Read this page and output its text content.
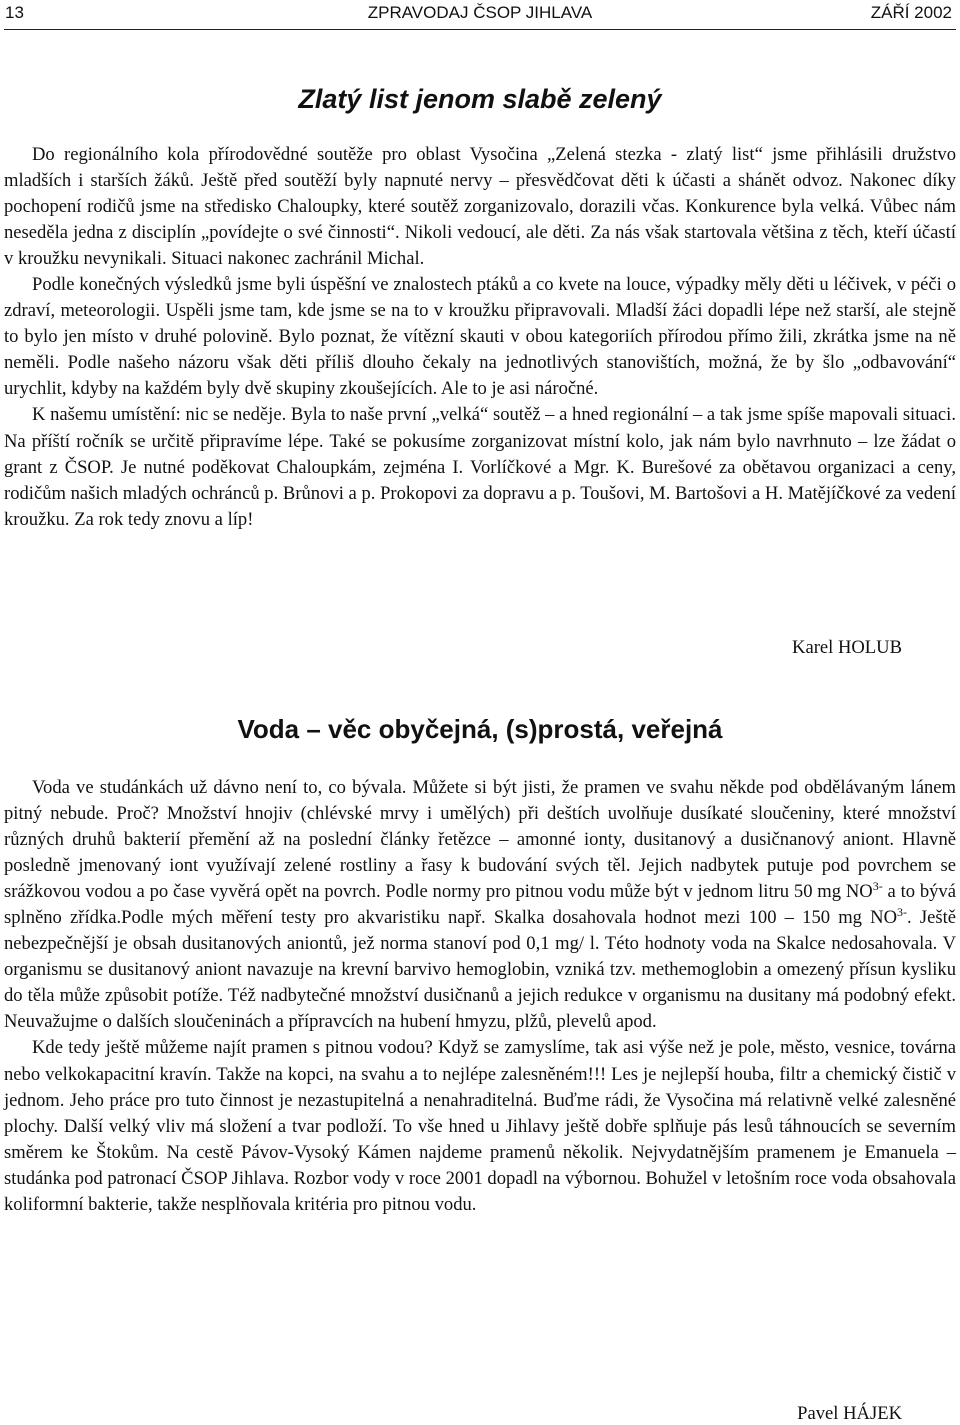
13	ZPRAVODAJ ČSOP JIHLAVA	ZÁŘÍ 2002
Zlatý list jenom slabě zelený

Do regionálního kola přírodovědné soutěže pro oblast Vysočina „Zelená stezka - zlatý list“ jsme přihlásili družstvo mladších i starších žáků. Ještě před soutěží byly napnuté nervy – přesvědčovat děti k účasti a shánět odvoz. Nakonec díky pochopení rodičů jsme na středisko Chaloupky, které soutěž zorganizovalo, dorazili včas. Konkurence byla velká. Vůbec nám neseděla jedna z disciplín „povídejte o své činnosti“. Nikoli vedoucí, ale děti. Za nás však startovala většina z těch, kteří účastí v kroužku nevynikali. Situaci nakonec zachránil Michal.

Podle konečných výsledků jsme byli úspěšní ve znalostech ptáků a co kvete na louce, výpadky měly děti u léčivek, v péči o zdraví, meteorologii. Uspěli jsme tam, kde jsme se na to v kroužku připravovali. Mladší žáci dopadli lépe než starší, ale stejně to bylo jen místo v druhé polovině. Bylo poznat, že vítězní skauti v obou kategoriích přírodou přímo žili, zkrátka jsme na ně neměli. Podle našeho názoru však děti příliš dlouho čekaly na jednotlivých stanovištích, možná, že by šlo „odbavování“ urychlit, kdyby na každém byly dvě skupiny zkoušejících. Ale to je asi náročné.

K našemu umístění: nic se neděje. Byla to naše první „velká“ soutěž – a hned regionální – a tak jsme spíše mapovali situaci. Na příští ročník se určitě připravíme lépe. Také se pokusíme zorganizovat místní kolo, jak nám bylo navrhnuto – lze žádat o grant z ČSOP. Je nutné poděkovat Chaloupkám, zejména I. Vorlíčkové a Mgr. K. Burešové za obětavou organizaci a ceny, rodičům našich mladých ochránců p. Brůnovi a p. Prokopovi za dopravu a p. Toušovi, M. Bartošovi a H. Matějíčkové za vedení kroužku. Za rok tedy znovu a líp!

Karel HOLUB
Voda – věc obyčejná, (s)prostá, veřejná

Voda ve studánkách už dávno není to, co bývala. Můžete si být jisti, že pramen ve svahu někde pod obdělávaným lánem pitný nebude. Proč? Množství hnojiv (chlévské mrvy i umělých) při deštích uvolňuje dusíkaté sloučeniny, které množství různých druhů bakterií přemění až na poslední články řetězce – amonné ionty, dusitanový a dusičnanový aniont. Hlavně posledně jmenovaný iont využívají zelené rostliny a řasy k budování svých těl. Jejich nadbytek putuje pod povrchem se srážkovou vodou a po čase vyvěrá opět na povrch. Podle normy pro pitnou vodu může být v jednom litru 50 mg $NO^{3-}$ a to bývá splněno zřídka.Podle mých měření testy pro akvaristiku např. Skalka dosahovala hodnot mezi 100 – 150 mg $NO^{3-}$. Ještě nebezpečnější je obsah dusitanových aniontů, jež norma stanoví pod 0,1 mg/ l. Této hodnoty voda na Skalce nedosahovala. V organismu se dusitanový aniont navazuje na krevní barvivo hemoglobin, vzniká tzv. methemoglobin a omezený přísun kysliku do těla může způsobit potíže. Též nadbytečné množství dusičnanů a jejich redukce v organismu na dusitany má podobný efekt. Neuvažujme o dalších sloučeninách a přípravcích na hubení hmyzu, plžů, plevelů apod.

Kde tedy ještě můžeme najít pramen s pitnou vodou? Když se zamyslíme, tak asi výše než je pole, město, vesnice, továrna nebo velkokapacitní kravín. Takže na kopci, na svahu a to nejlépe zalesněném!!! Les je nejlepší houba, filtr a chemický čistič v jednom. Jeho práce pro tuto činnost je nezastupitelná a nenahraditelná. Buďme rádi, že Vysočina má relativně velké zalesněné plochy. Další velký vliv má složení a tvar podloží. To vše hned u Jihlavy ještě dobře splňuje pás lesů táhnoucích se severním směrem ke Štokům. Na cestě Pávov-Vysoký Kámen najdeme pramenů několik. Nejvydatnějším pramenem je Emanuela – studánka pod patronací ČSOP Jihlava. Rozbor vody v roce 2001 dopadl na výbornou. Bohužel v letošním roce voda obsahovala koliformní bakterie, takže nesplňovala kritéria pro pitnou vodu.

Pavel HÁJEK
